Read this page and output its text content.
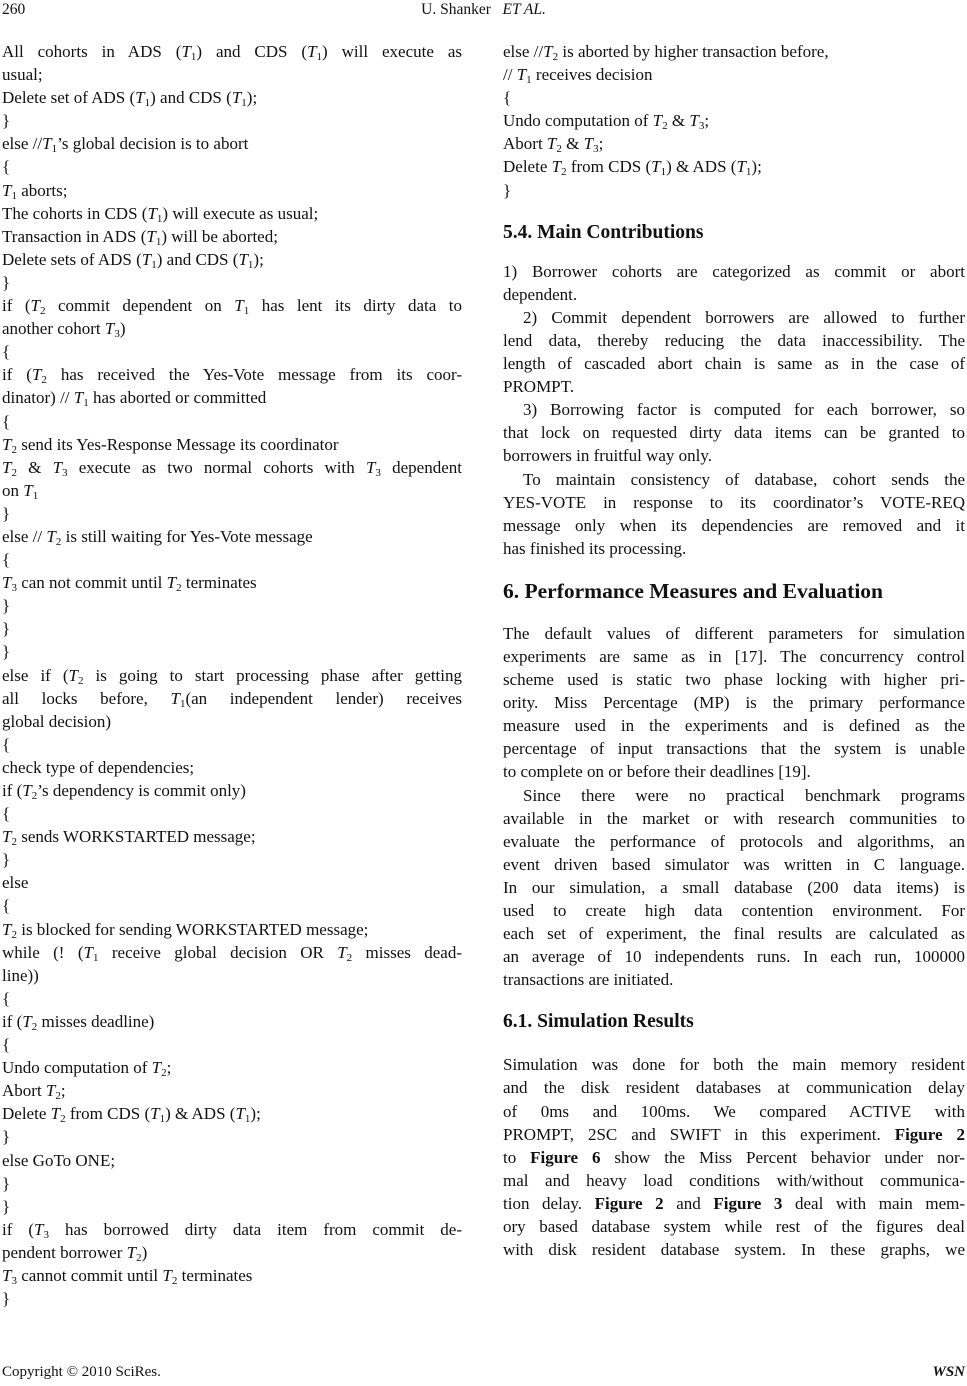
260	U. Shanker ET AL.
All cohorts in ADS $(T_1)$ and CDS $(T_1)$ will execute as
usual;
Delete set of ADS $(T_1)$ and CDS $(T_1)$;
}
else $//T_1’s$ global decision is to abort
{
$T_1$ aborts;
The cohorts in CDS $(T_1)$ will execute as usual;
Transaction in ADS $(T_1)$ will be aborted;
Delete sets of ADS $(T_1)$ and CDS $(T_1)$;
}
if ($T_2$ commit dependent on $T_1$ has lent its dirty data to
another cohort $T_3$)
{
if ($T_2$ has received the Yes-Vote message from its coor-
dinator) // $T_1$ has aborted or committed
{
$T_2$ send its Yes-Response Message its coordinator
$T_2$ & $T_3$ execute as two normal cohorts with $T_3$ dependent
on $T_1$
}
else // $T_2$ is still waiting for Yes-Vote message
{
$T_3$ can not commit until $T_2$ terminates
}
}
}
else if ($T_2$ is going to start processing phase after getting
all locks before, $T_1(an$ independent lender) receives
global decision)
{
check type of dependencies;
if ($T_2’s$ dependency is commit only)
{
$T_2$ sends WORKSTARTED message;
}
else
{
$T_2$ is blocked for sending WORKSTARTED message;
while (! ($T_1$ receive global decision OR $T_2$ misses dead-
line))
{
if ($T_2$ misses deadline)
{
Undo computation of $T_2$;
Abort $T_2$;
Delete $T_2$ from CDS $(T_1)$ & ADS $(T_1)$;
}
else GoTo ONE;
}
}
if ($T_3$ has borrowed dirty data item from commit de-
pendent borrower $T_2$)
$T_3$ cannot commit until $T_2$ terminates
}
else $//T_2$ is aborted by higher transaction before,
// $T_1$ receives decision
{
Undo computation of $T_2$ & $T_3$;
Abort $T_2$ & $T_3$;
Delete $T_2$ from CDS $(T_1)$ & ADS $(T_1)$;
}
5.4. Main Contributions
1) Borrower cohorts are categorized as commit or abort
dependent.
2) Commit dependent borrowers are allowed to further
lend data, thereby reducing the data inaccessibility. The
length of cascaded abort chain is same as in the case of
PROMPT.
3) Borrowing factor is computed for each borrower, so
that lock on requested dirty data items can be granted to
borrowers in fruitful way only.
To maintain consistency of database, cohort sends the
YES-VOTE in response to its coordinator’s VOTE-REQ
message only when its dependencies are removed and it
has finished its processing.
6. Performance Measures and Evaluation
The default values of different parameters for simulation
experiments are same as in [17]. The concurrency control
scheme used is static two phase locking with higher pri-
ority. Miss Percentage (MP) is the primary performance
measure used in the experiments and is defined as the
percentage of input transactions that the system is unable
to complete on or before their deadlines [19].
Since there were no practical benchmark programs
available in the market or with research communities to
evaluate the performance of protocols and algorithms, an
event driven based simulator was written in C language.
In our simulation, a small database (200 data items) is
used to create high data contention environment. For
each set of experiment, the final results are calculated as
an average of 10 independents runs. In each run, 100000
transactions are initiated.
6.1. Simulation Results
Simulation was done for both the main memory resident
and the disk resident databases at communication delay
of 0ms and 100ms. We compared ACTIVE with
PROMPT, 2SC and SWIFT in this experiment. Figure 2
to Figure 6 show the Miss Percent behavior under nor-
mal and heavy load conditions with/without communica-
tion delay. Figure 2 and Figure 3 deal with main mem-
ory based database system while rest of the figures deal
with disk resident database system. In these graphs, we
Copyright © 2010 SciRes.	WSN
